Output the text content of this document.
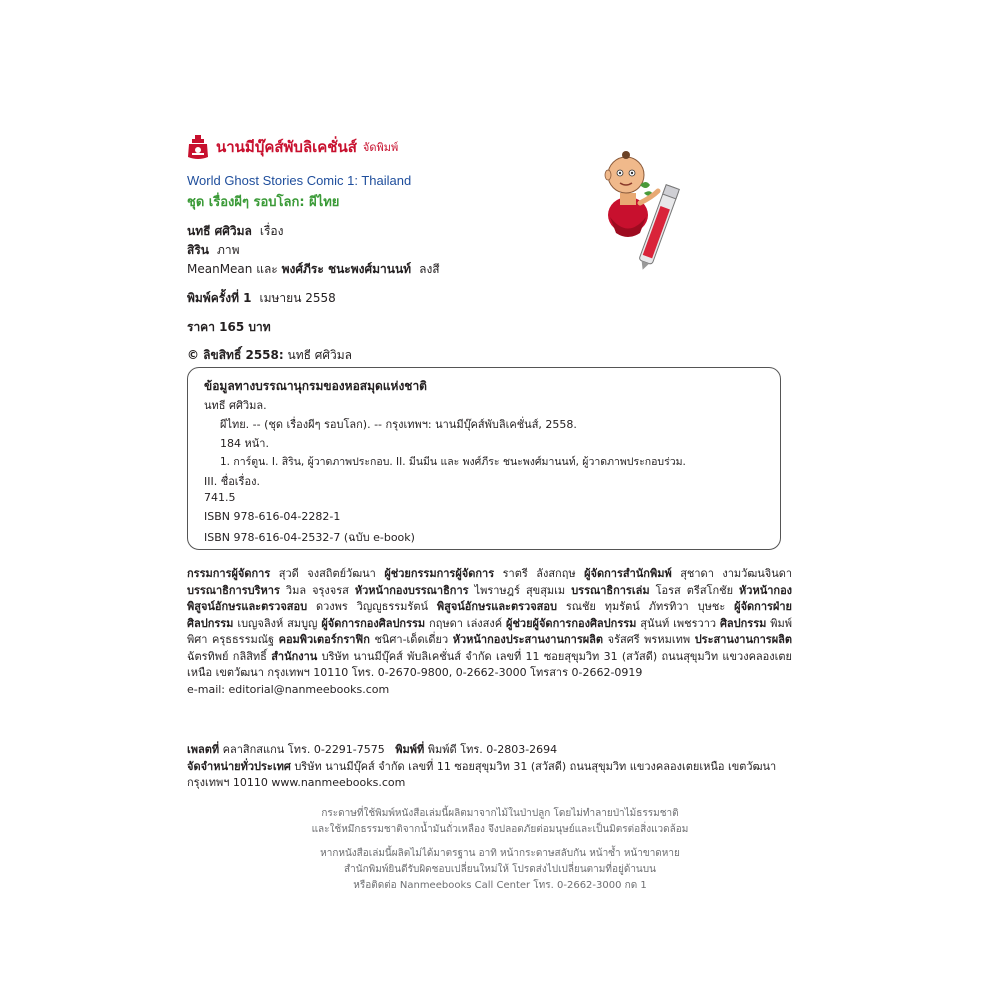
นานมีบุ๊คส์พับลิเคชั่นส์ จัดพิมพ์
World Ghost Stories Comic 1: Thailand
ชุด เรื่องผีๆ รอบโลก: ผีไทย
นทธี ศศิวิมล เรื่อง
สิริน ภาพ
MeanMean และ พงศ์ภีระ ชนะพงศ์มานนท์ ลงสี
พิมพ์ครั้งที่ 1 เมษายน 2558
ราคา 165 บาท
© ลิขสิทธิ์ 2558: นทธี ศศิวิมล
ข้อมูลทางบรรณานุกรมของหอสมุดแห่งชาติ
นทธี ศศิวิมล.
ผีไทย. -- (ชุด เรื่องผีๆ รอบโลก). -- กรุงเทพฯ: นานมีบุ๊คส์พับลิเคชั่นส์, 2558.
184 หน้า.
1. การ์ตูน. I. สิริน, ผู้วาดภาพประกอบ. II. มีนมีน และ พงศ์ภีระ ชนะพงศ์มานนท์, ผู้วาดภาพประกอบร่วม.
III. ชื่อเรื่อง.
741.5
ISBN 978-616-04-2282-1
ISBN 978-616-04-2532-7 (ฉบับ e-book)
กรรมการผู้จัดการ สุวดี จงสถิตย์วัฒนา ผู้ช่วยกรรมการผู้จัดการ ราตรี ลังสกฤษ ผู้จัดการสำนักพิมพ์ สุชาดา งามวัฒนจินดา บรรณาธิการบริหาร วิมล จรุงจรส หัวหน้ากองบรรณาธิการ ไพราษฎร์ สุขสุมเม บรรณาธิการเล่ม โอรส ตรีสโกชัย หัวหน้ากองพิสูจน์อักษรและตรวจสอบ ดวงพร วิญญูธรรมรัตน์ พิสูจน์อักษรและตรวจสอบ รณชัย ทุมรัตน์ ภัทรทิวา บุษชะ ผู้จัดการฝ่ายศิลปกรรม เบญจลิงห์ สมบูญ ผู้จัดการกองศิลปกรรม กฤษดา เล่งสงค์ ผู้ช่วยผู้จัดการกองศิลปกรรม สุนันท์ เพชรวาว ศิลปกรรม พิมพ์พิศา ครุธธรรมณัฐ คอมพิวเตอร์กราฟิก ชนิศา-เด็ดเดี่ยว หัวหน้ากองประสานงานการผลิต จรัสศรี พรหมเทพ ประสานงานการผลิต ฉัตรทิพย์ กลิสิทธิ์ สำนักงาน บริษัท นานมีบุ๊คส์ พับลิเคชั่นส์ จำกัด เลขที่ 11 ซอยสุขุมวิท 31 (สวัสดี) ถนนสุขุมวิท แขวงคลองเตยเหนือ เขตวัฒนา กรุงเทพฯ 10110 โทร. 0-2670-9800, 0-2662-3000 โทรสาร 0-2662-0919
e-mail: editorial@nanmeebooks.com
เพลตที่ คลาสิกสแกน โทร. 0-2291-7575 พิมพ์ที่ พิมพ์ดี โทร. 0-2803-2694
จัดจำหน่ายทั่วประเทศ บริษัท นานมีบุ๊คส์ จำกัด เลขที่ 11 ซอยสุขุมวิท 31 (สวัสดี) ถนนสุขุมวิท แขวงคลองเตยเหนือ เขตวัฒนา กรุงเทพฯ 10110 www.nanmeebooks.com
กระดาษที่ใช้พิมพ์หนังสือเล่มนี้ผลิตมาจากไม้ในป่าปลูก โดยไม่ทำลายป่าไม้ธรรมชาติ
และใช้หมึกธรรมชาติจากน้ำมันถั่วเหลือง จึงปลอดภัยต่อมนุษย์และเป็นมิตรต่อสิ่งแวดล้อม
หากหนังสือเล่มนี้ผลิตไม่ได้มาตรฐาน อาทิ หน้ากระดาษสลับกัน หน้าซ้ำ หน้าขาดหาย
สำนักพิมพ์ยินดีรับผิดชอบเปลี่ยนใหม่ให้ โปรดส่งไปเปลี่ยนตามที่อยู่ด้านบน
หรือติดต่อ Nanmeebooks Call Center โทร. 0-2662-3000 กด 1
